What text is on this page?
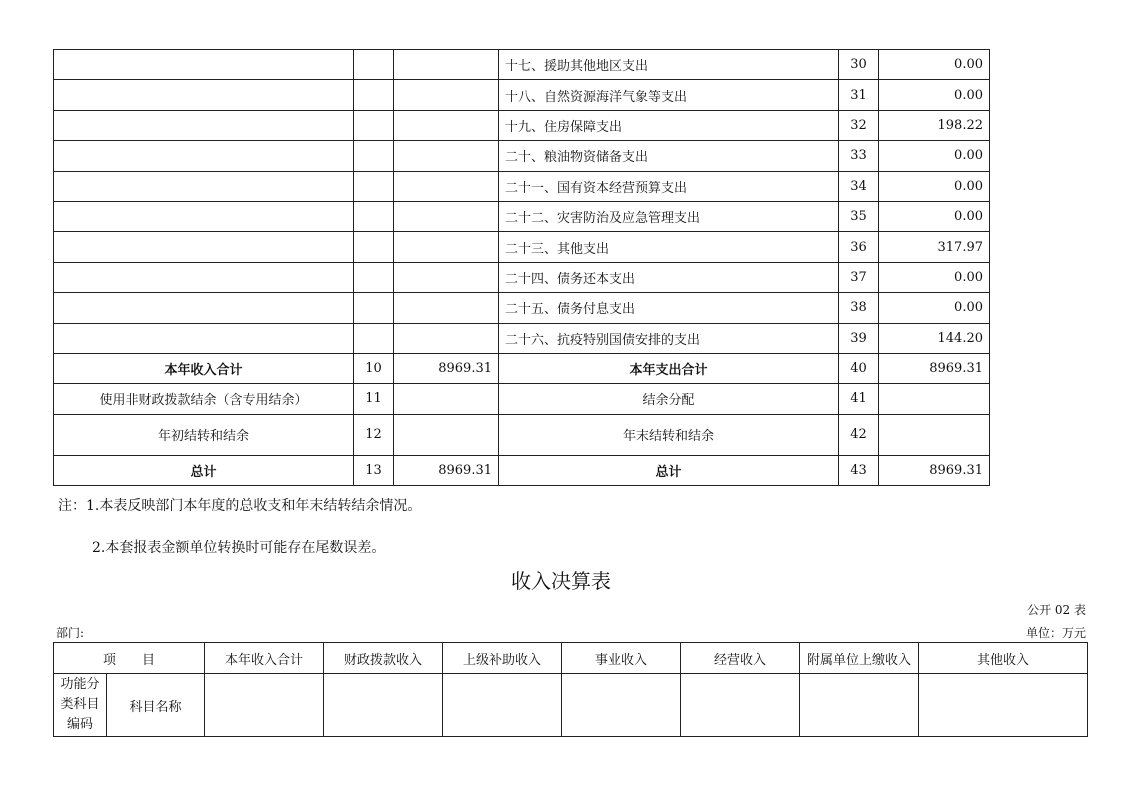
			十七、援助其他地区支出	30	0.00
			十八、自然资源海洋气象等支出	31	0.00
			十九、住房保障支出	32	198.22
			二十、粮油物资储备支出	33	0.00
			二十一、国有资本经营预算支出	34	0.00
			二十二、灾害防治及应急管理支出	35	0.00
			二十三、其他支出	36	317.97
			二十四、债务还本支出	37	0.00
			二十五、债务付息支出	38	0.00
			二十六、抗疫特别国债安排的支出	39	144.20
本年收入合计	10	8969.31	本年支出合计	40	8969.31
使用非财政拨款结余（含专用结余）	11		结余分配	41	
年初结转和结余	12		年末结转和结余	42	
总计	13	8969.31	总计	43	8969.31
注：1.本表反映部门本年度的总收支和年末结转结余情况。
2.本套报表金额单位转换时可能存在尾数误差。
收入决算表
公开 02 表
部门:	单位：万元
项　　目		本年收入合计	财政拨款收入	上级补助收入	事业收入	经营收入	附属单位上缴收入	其他收入
功能分类科目编码	科目名称							
